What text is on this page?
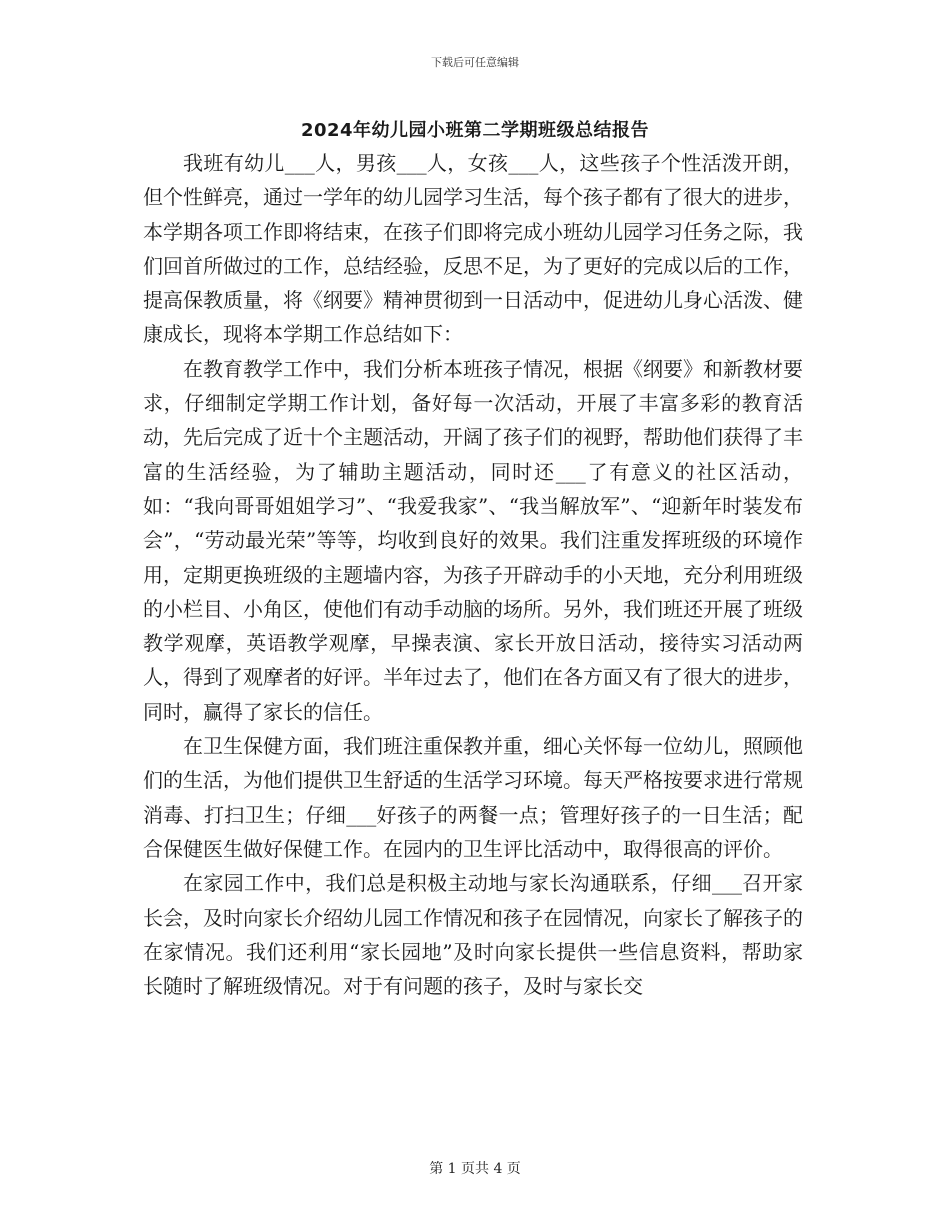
下载后可任意编辑
2024年幼儿园小班第二学期班级总结报告

我班有幼儿___人，男孩___人，女孩___人，这些孩子个性活泼开朗，但个性鲜亮，通过一学年的幼儿园学习生活，每个孩子都有了很大的进步，本学期各项工作即将结束，在孩子们即将完成小班幼儿园学习任务之际，我们回首所做过的工作，总结经验，反思不足，为了更好的完成以后的工作，提高保教质量，将《纲要》精神贯彻到一日活动中，促进幼儿身心活泼、健康成长，现将本学期工作总结如下：

在教育教学工作中，我们分析本班孩子情况，根据《纲要》和新教材要求，仔细制定学期工作计划，备好每一次活动，开展了丰富多彩的教育活动，先后完成了近十个主题活动，开阔了孩子们的视野，帮助他们获得了丰富的生活经验，为了辅助主题活动，同时还___了有意义的社区活动，如：“我向哥哥姐姐学习”、“我爱我家”、“我当解放军”、“迎新年时装发布会”，“劳动最光荣”等等，均收到良好的效果。我们注重发挥班级的环境作用，定期更换班级的主题墙内容，为孩子开辟动手的小天地，充分利用班级的小栏目、小角区，使他们有动手动脑的场所。另外，我们班还开展了班级教学观摩，英语教学观摩，早操表演、家长开放日活动，接待实习活动两人，得到了观摩者的好评。半年过去了，他们在各方面又有了很大的进步，同时，赢得了家长的信任。

在卫生保健方面，我们班注重保教并重，细心关怀每一位幼儿，照顾他们的生活，为他们提供卫生舒适的生活学习环境。每天严格按要求进行常规消毒、打扫卫生；仔细___好孩子的两餐一点；管理好孩子的一日生活；配合保健医生做好保健工作。在园内的卫生评比活动中，取得很高的评价。

在家园工作中，我们总是积极主动地与家长沟通联系，仔细___召开家长会，及时向家长介绍幼儿园工作情况和孩子在园情况，向家长了解孩子的在家情况。我们还利用“家长园地”及时向家长提供一些信息资料，帮助家长随时了解班级情况。对于有问题的孩子，及时与家长交

第 1 页共 4 页
